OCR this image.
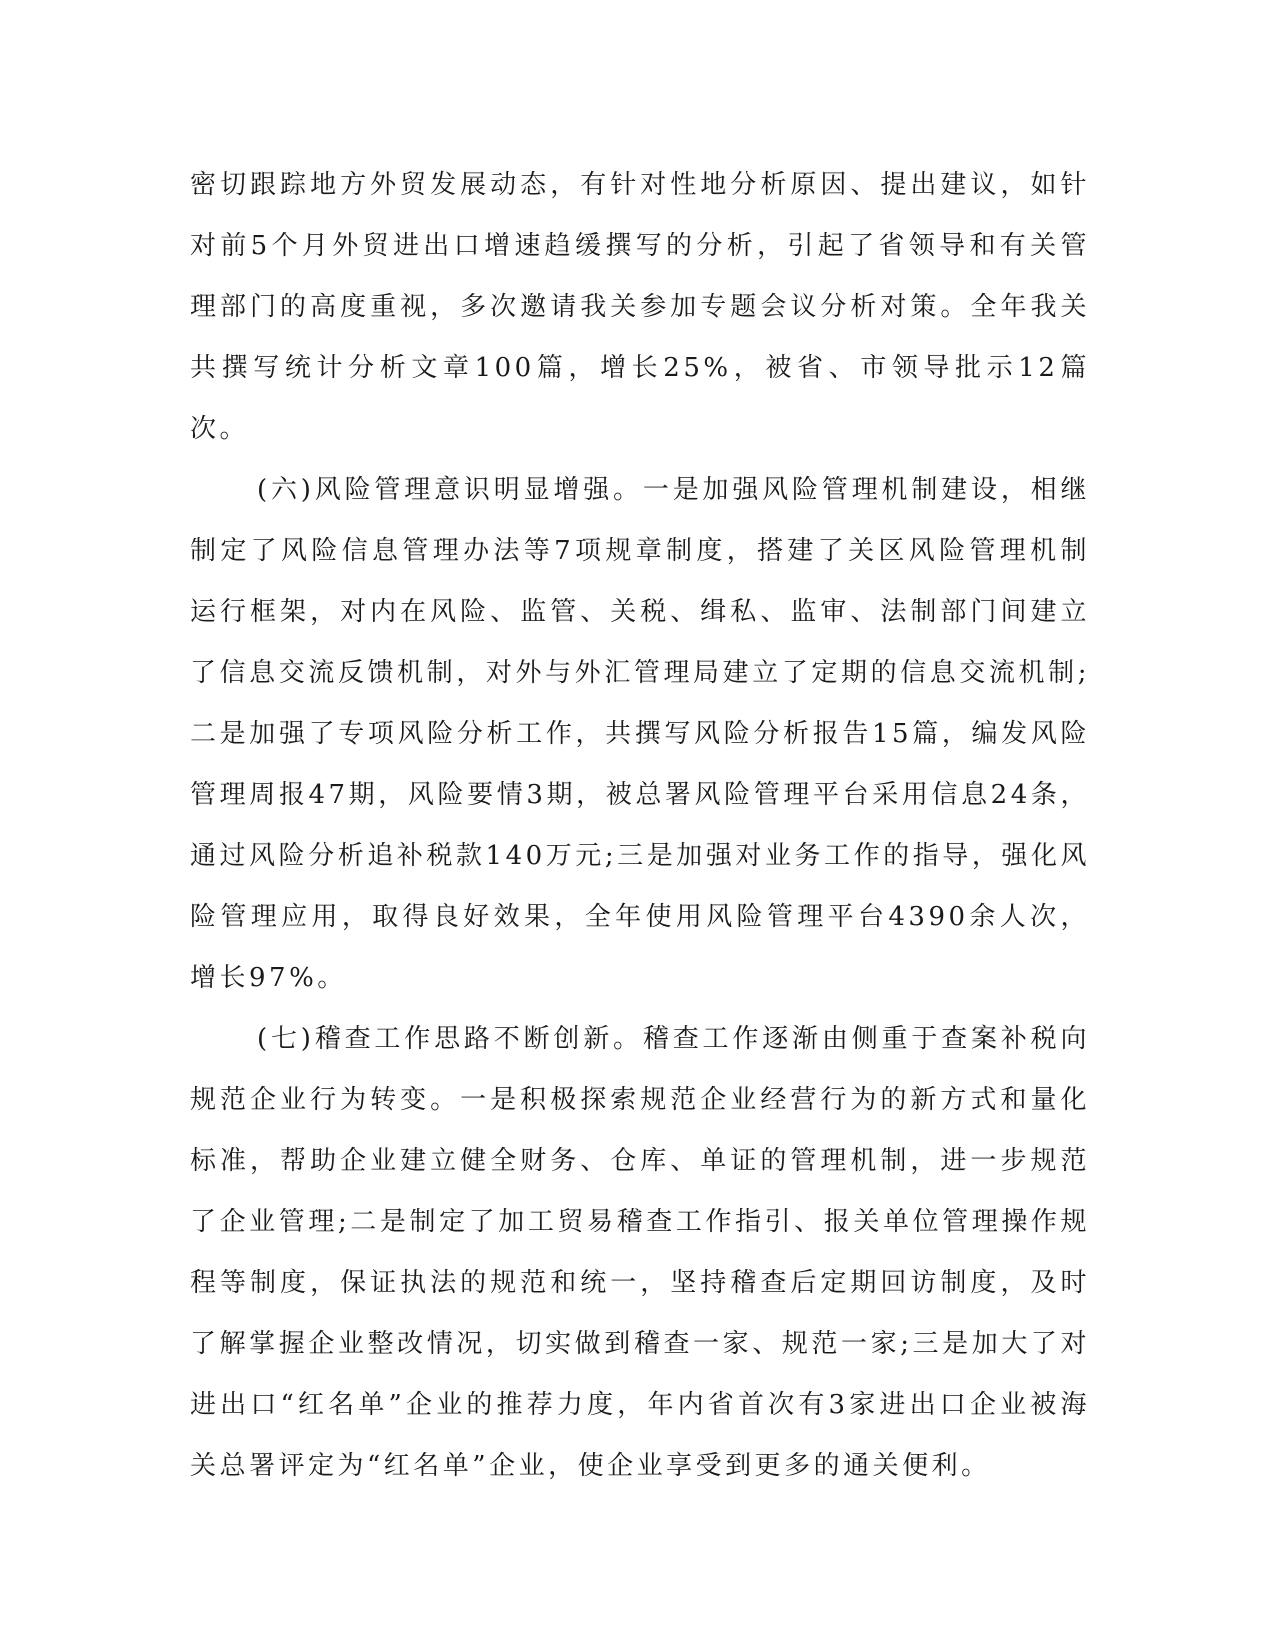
密切跟踪地方外贸发展动态，有针对性地分析原因、提出建议，如针对前5个月外贸进出口增速趋缓撰写的分析，引起了省领导和有关管理部门的高度重视，多次邀请我关参加专题会议分析对策。全年我关共撰写统计分析文章100篇，增长25%，被省、市领导批示12篇次。

(六)风险管理意识明显增强。一是加强风险管理机制建设，相继制定了风险信息管理办法等7项规章制度，搭建了关区风险管理机制运行框架，对内在风险、监管、关税、缉私、监审、法制部门间建立了信息交流反馈机制，对外与外汇管理局建立了定期的信息交流机制;二是加强了专项风险分析工作，共撰写风险分析报告15篇，编发风险管理周报47期，风险要情3期，被总署风险管理平台采用信息24条，通过风险分析追补税款140万元;三是加强对业务工作的指导，强化风险管理应用，取得良好效果，全年使用风险管理平台4390余人次，增长97%。

(七)稽查工作思路不断创新。稽查工作逐渐由侧重于查案补税向规范企业行为转变。一是积极探索规范企业经营行为的新方式和量化标准，帮助企业建立健全财务、仓库、单证的管理机制，进一步规范了企业管理;二是制定了加工贸易稽查工作指引、报关单位管理操作规程等制度，保证执法的规范和统一，坚持稽查后定期回访制度，及时了解掌握企业整改情况，切实做到稽查一家、规范一家;三是加大了对进出口“红名单”企业的推荐力度，年内省首次有3家进出口企业被海关总署评定为“红名单”企业，使企业享受到更多的通关便利。
